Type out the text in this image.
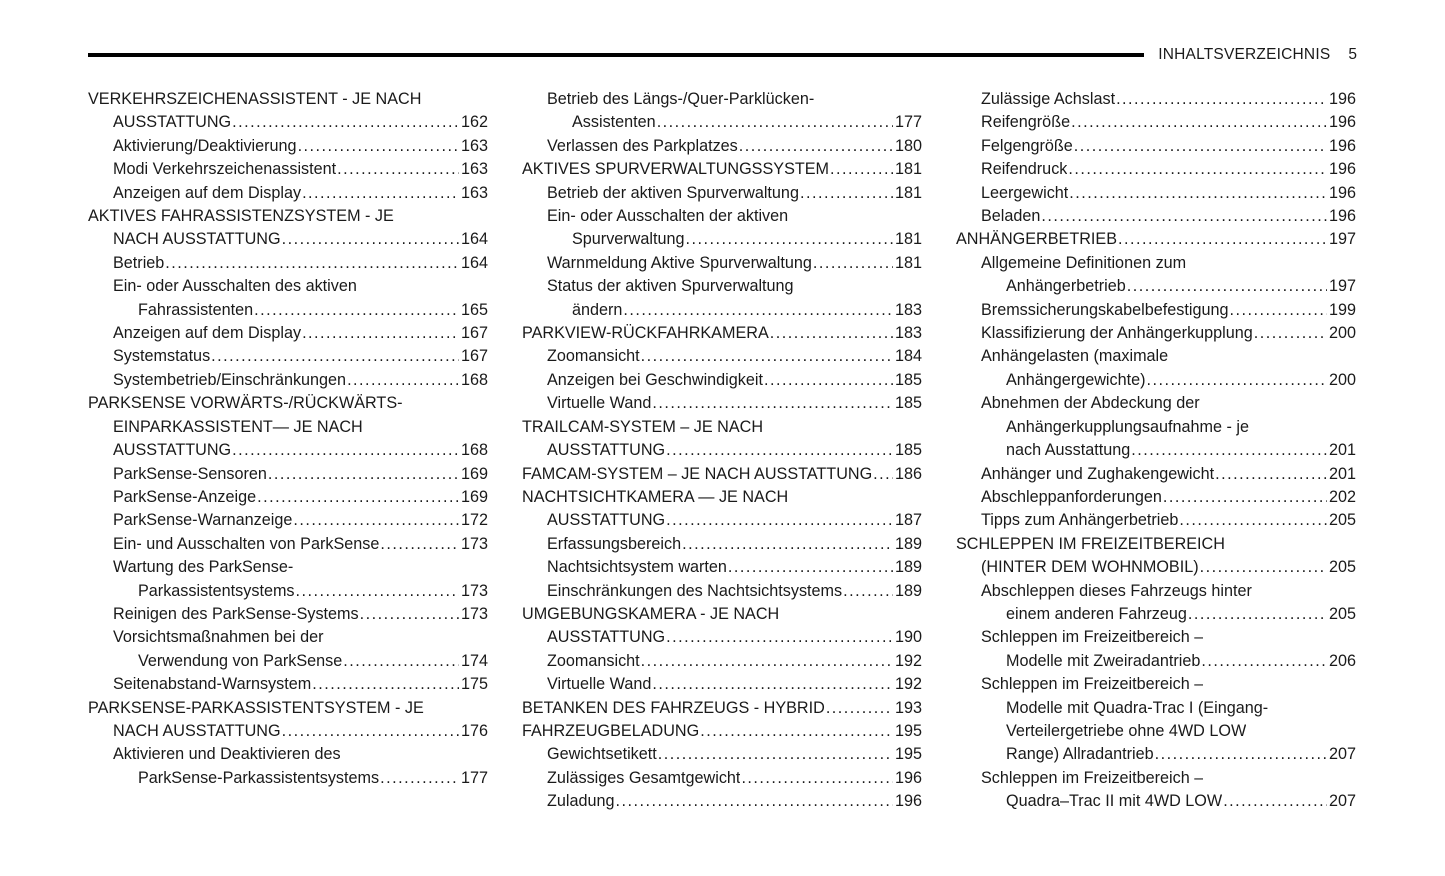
INHALTSVERZEICHNIS 5
VERKEHRSZEICHENASSISTENT - JE NACH
AUSSTATTUNG .....	162
Aktivierung/Deaktivierung .....	163
Modi Verkehrszeichenassistent .....	163
Anzeigen auf dem Display .....	163
AKTIVES FAHRASSISTENZSYSTEM - JE
NACH AUSSTATTUNG .....	164
Betrieb .....	164
Ein- oder Ausschalten des aktiven
Fahrassistenten .....	165
Anzeigen auf dem Display .....	167
Systemstatus .....	167
Systembetrieb/Einschränkungen .....	168
PARKSENSE VORWÄRTS-/RÜCKWÄRTS-
EINPARKASSISTENT— JE NACH
AUSSTATTUNG .....	168
ParkSense-Sensoren .....	169
ParkSense-Anzeige .....	169
ParkSense-Warnanzeige .....	172
Ein- und Ausschalten von ParkSense .....	173
Wartung des ParkSense-
Parkassistentsystems .....	173
Reinigen des ParkSense-Systems .....	173
Vorsichtsmaßnahmen bei der
Verwendung von ParkSense .....	174
Seitenabstand-Warnsystem .....	175
PARKSENSE-PARKASSISTENTSYSTEM - JE
NACH AUSSTATTUNG .....	176
Aktivieren und Deaktivieren des
ParkSense-Parkassistentsystems .....	177
Betrieb des Längs-/Quer-Parklücken-
Assistenten .....	177
Verlassen des Parkplatzes .....	180
AKTIVES SPURVERWALTUNGSSYSTEM .....	181
Betrieb der aktiven Spurverwaltung .....	181
Ein- oder Ausschalten der aktiven
Spurverwaltung .....	181
Warnmeldung Aktive Spurverwaltung .....	181
Status der aktiven Spurverwaltung
ändern .....	183
PARKVIEW-RÜCKFAHRKAMERA .....	183
Zoomansicht .....	184
Anzeigen bei Geschwindigkeit .....	185
Virtuelle Wand .....	185
TRAILCAM-SYSTEM – JE NACH
AUSSTATTUNG .....	185
FAMCAM-SYSTEM – JE NACH AUSSTATTUNG ..... 186
NACHTSICHTKAMERA — JE NACH
AUSSTATTUNG .....	187
Erfassungsbereich .....	189
Nachtsichtsystem warten .....	189
Einschränkungen des Nachtsichtsystems .....	189
UMGEBUNGSKAMERA - JE NACH
AUSSTATTUNG .....	190
Zoomansicht .....	192
Virtuelle Wand .....	192
BETANKEN DES FAHRZEUGS - HYBRID .....	193
FAHRZEUGBELADUNG .....	195
Gewichtsetikett .....	195
Zulässiges Gesamtgewicht .....	196
Zuladung .....	196
Zulässige Achslast .....	196
Reifengröße .....	196
Felgengröße .....	196
Reifendruck .....	196
Leergewicht .....	196
Beladen .....	196
ANHÄNGERBETRIEB .....	197
Allgemeine Definitionen zum
Anhängerbetrieb .....	197
Bremssicherungskabelbefestigung .....	199
Klassifizierung der Anhängerkupplung .....	200
Anhängelasten (maximale
Anhängergewichte) .....	200
Abnehmen der Abdeckung der
Anhängerkupplungsaufnahme - je
nach Ausstattung .....	201
Anhänger und Zughakengewicht .....	201
Abschleppanforderungen .....	202
Tipps zum Anhängerbetrieb .....	205
SCHLEPPEN IM FREIZEITBEREICH
(HINTER DEM WOHNMOBIL) .....	205
Abschleppen dieses Fahrzeugs hinter
einem anderen Fahrzeug .....	205
Schleppen im Freizeitbereich –
Modelle mit Zweiradantrieb .....	206
Schleppen im Freizeitbereich –
Modelle mit Quadra-Trac I (Eingang-
Verteilergetriebe ohne 4WD LOW
Range) Allradantrieb .....	207
Schleppen im Freizeitbereich –
Quadra–Trac II mit 4WD LOW .....	207
